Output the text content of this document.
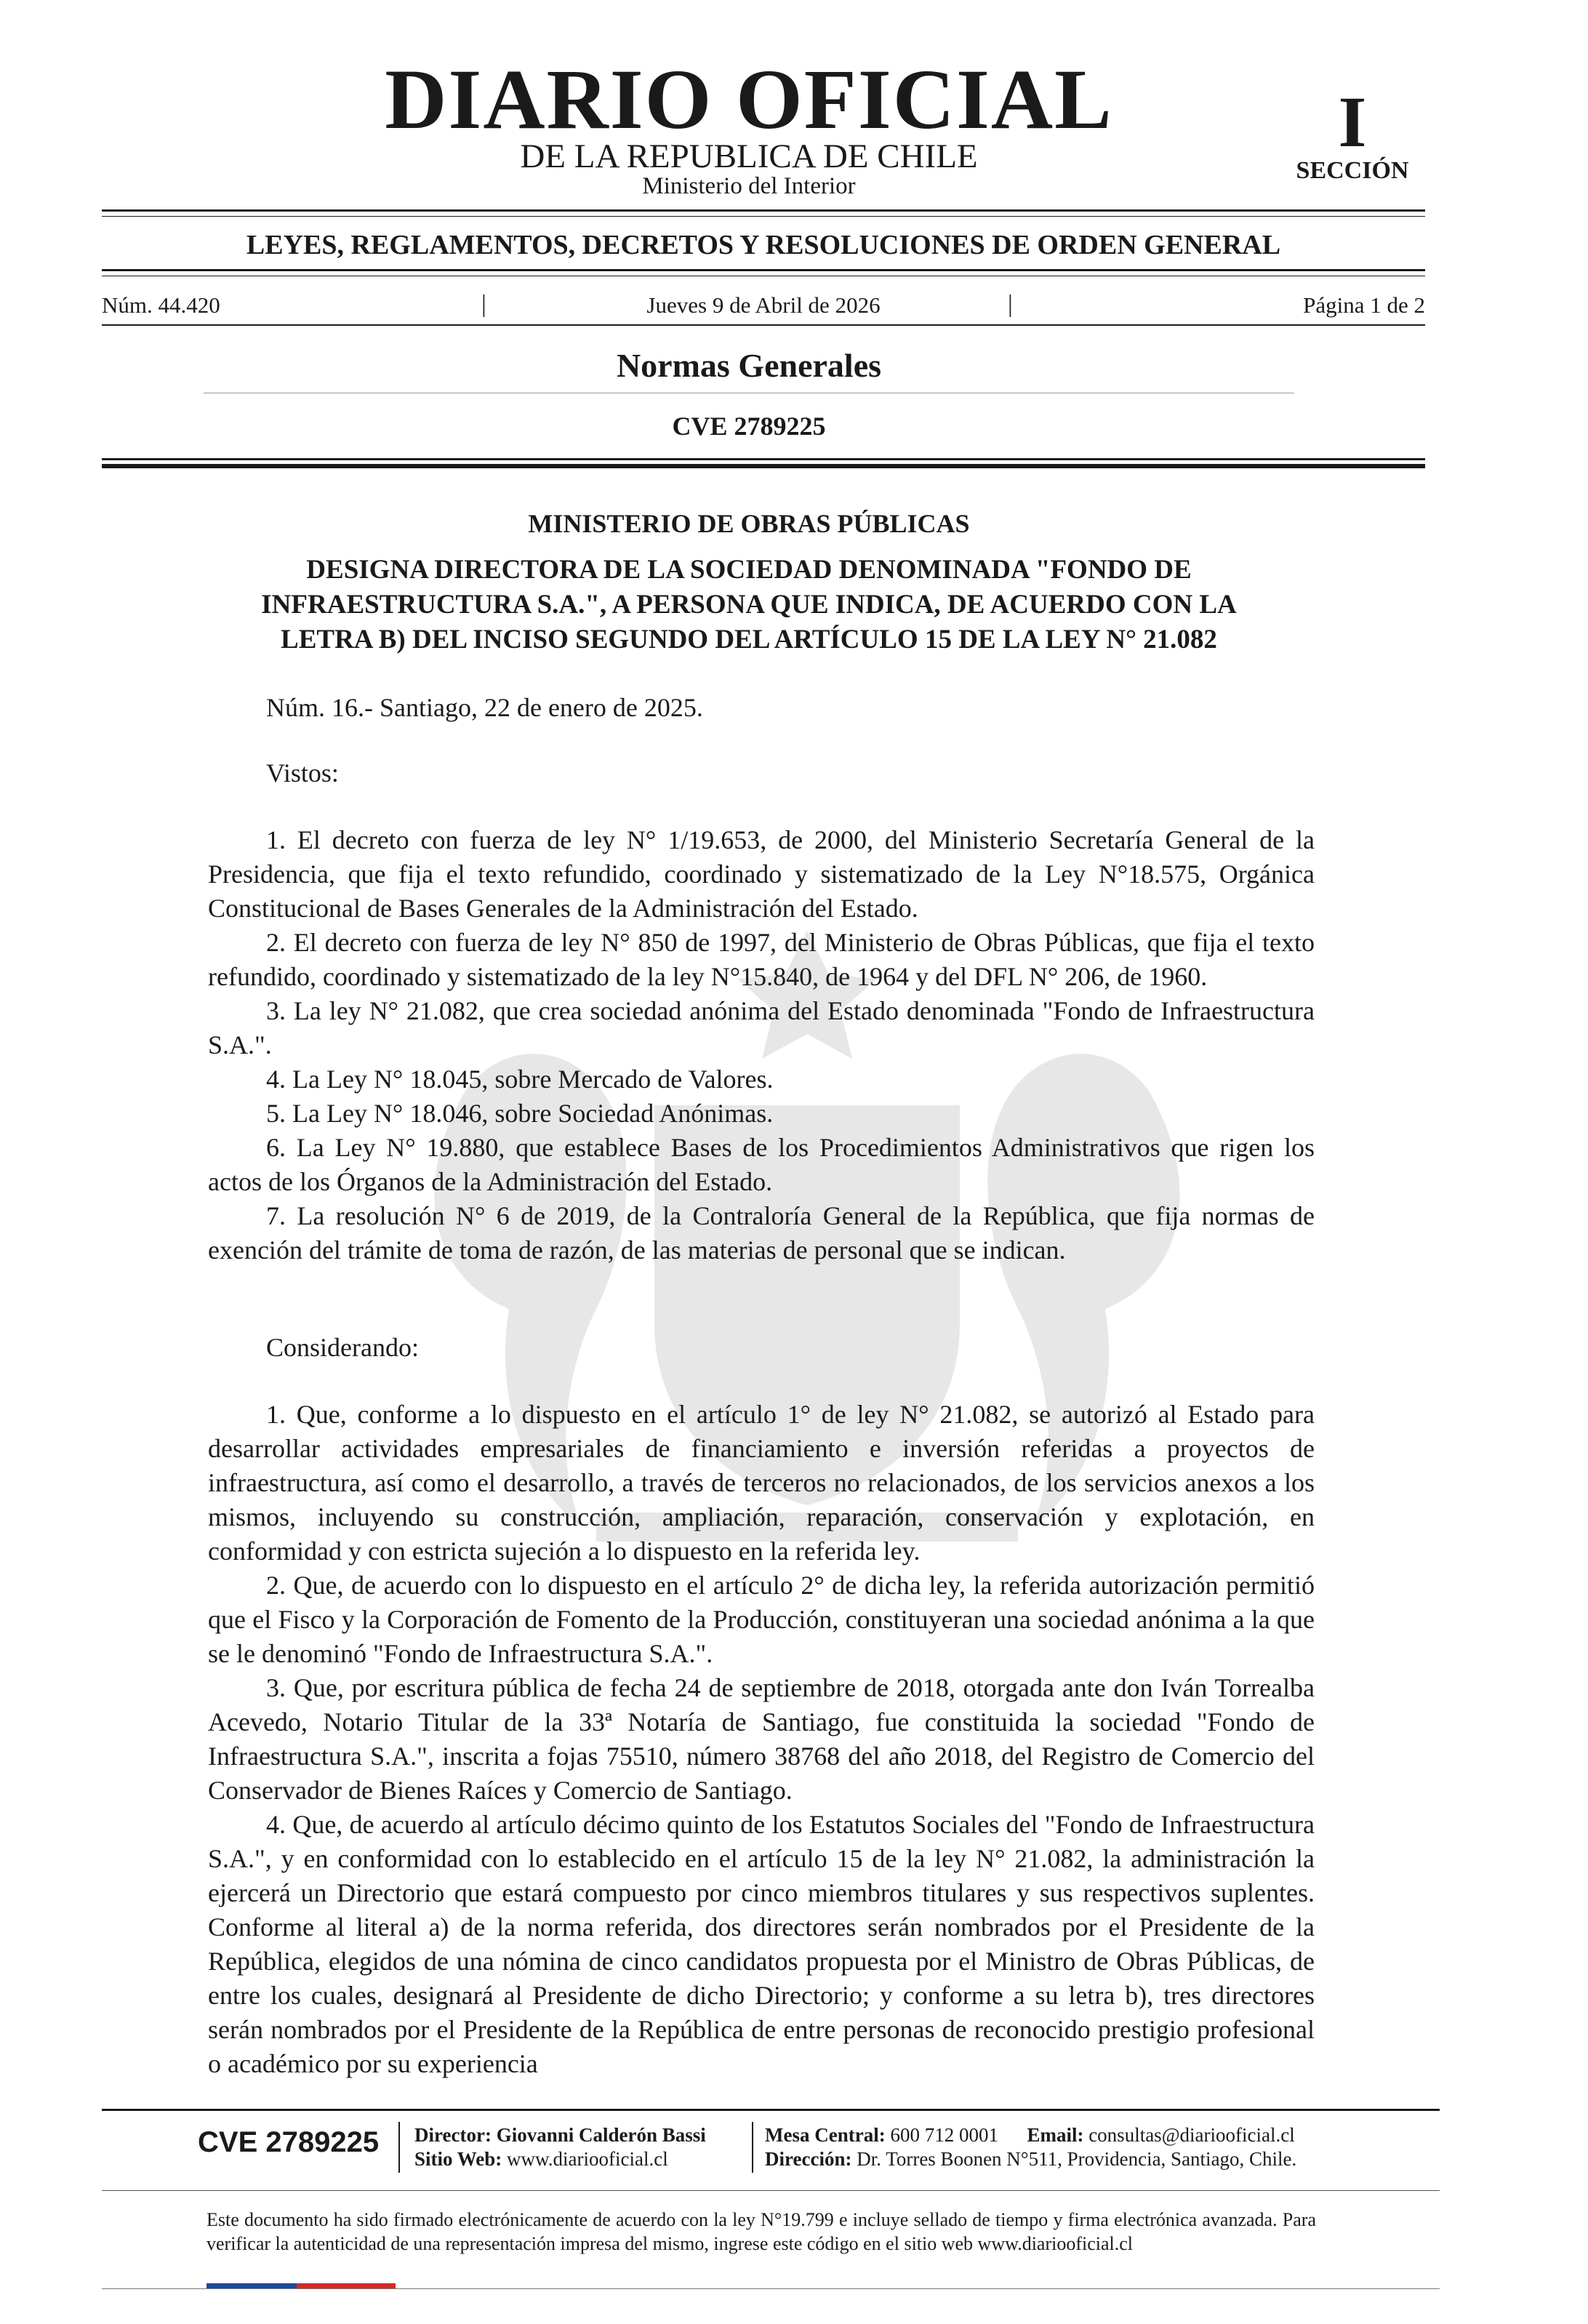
DIARIO OFICIAL
DE LA REPUBLICA DE CHILE
Ministerio del Interior
I
SECCIÓN
LEYES, REGLAMENTOS, DECRETOS Y RESOLUCIONES DE ORDEN GENERAL
Núm. 44.420	|	Jueves 9 de Abril de 2026	|	Página 1 de 2
Normas Generales
CVE 2789225
MINISTERIO DE OBRAS PÚBLICAS
DESIGNA DIRECTORA DE LA SOCIEDAD DENOMINADA "FONDO DE INFRAESTRUCTURA S.A.", A PERSONA QUE INDICA, DE ACUERDO CON LA LETRA B) DEL INCISO SEGUNDO DEL ARTÍCULO 15 DE LA LEY N° 21.082

Núm. 16.- Santiago, 22 de enero de 2025.

Vistos:

1. El decreto con fuerza de ley N° 1/19.653, de 2000, del Ministerio Secretaría General de la Presidencia, que fija el texto refundido, coordinado y sistematizado de la Ley N°18.575, Orgánica Constitucional de Bases Generales de la Administración del Estado.

2. El decreto con fuerza de ley N° 850 de 1997, del Ministerio de Obras Públicas, que fija el texto refundido, coordinado y sistematizado de la ley N°15.840, de 1964 y del DFL N° 206, de 1960.

3. La ley N° 21.082, que crea sociedad anónima del Estado denominada "Fondo de Infraestructura S.A.".

4. La Ley N° 18.045, sobre Mercado de Valores.

5. La Ley N° 18.046, sobre Sociedad Anónimas.

6. La Ley N° 19.880, que establece Bases de los Procedimientos Administrativos que rigen los actos de los Órganos de la Administración del Estado.

7. La resolución N° 6 de 2019, de la Contraloría General de la República, que fija normas de exención del trámite de toma de razón, de las materias de personal que se indican.

Considerando:

1. Que, conforme a lo dispuesto en el artículo 1° de ley N° 21.082, se autorizó al Estado para desarrollar actividades empresariales de financiamiento e inversión referidas a proyectos de infraestructura, así como el desarrollo, a través de terceros no relacionados, de los servicios anexos a los mismos, incluyendo su construcción, ampliación, reparación, conservación y explotación, en conformidad y con estricta sujeción a lo dispuesto en la referida ley.

2. Que, de acuerdo con lo dispuesto en el artículo 2° de dicha ley, la referida autorización permitió que el Fisco y la Corporación de Fomento de la Producción, constituyeran una sociedad anónima a la que se le denominó "Fondo de Infraestructura S.A.".

3. Que, por escritura pública de fecha 24 de septiembre de 2018, otorgada ante don Iván Torrealba Acevedo, Notario Titular de la 33ª Notaría de Santiago, fue constituida la sociedad "Fondo de Infraestructura S.A.", inscrita a fojas 75510, número 38768 del año 2018, del Registro de Comercio del Conservador de Bienes Raíces y Comercio de Santiago.

4. Que, de acuerdo al artículo décimo quinto de los Estatutos Sociales del "Fondo de Infraestructura S.A.", y en conformidad con lo establecido en el artículo 15 de la ley N° 21.082, la administración la ejercerá un Directorio que estará compuesto por cinco miembros titulares y sus respectivos suplentes. Conforme al literal a) de la norma referida, dos directores serán nombrados por el Presidente de la República, elegidos de una nómina de cinco candidatos propuesta por el Ministro de Obras Públicas, de entre los cuales, designará al Presidente de dicho Directorio; y conforme a su letra b), tres directores serán nombrados por el Presidente de la República de entre personas de reconocido prestigio profesional o académico por su experiencia

CVE 2789225 Director: Giovanni Calderón Bassi
Sitio Web: www.diariooficial.cl
Mesa Central: 600 712 0001 Email: consultas@diariooficial.cl
Dirección: Dr. Torres Boonen N°511, Providencia, Santiago, Chile.
Este documento ha sido firmado electrónicamente de acuerdo con la ley N°19.799 e incluye sellado de tiempo y firma electrónica avanzada. Para verificar la autenticidad de una representación impresa del mismo, ingrese este código en el sitio web www.diariooficial.cl
